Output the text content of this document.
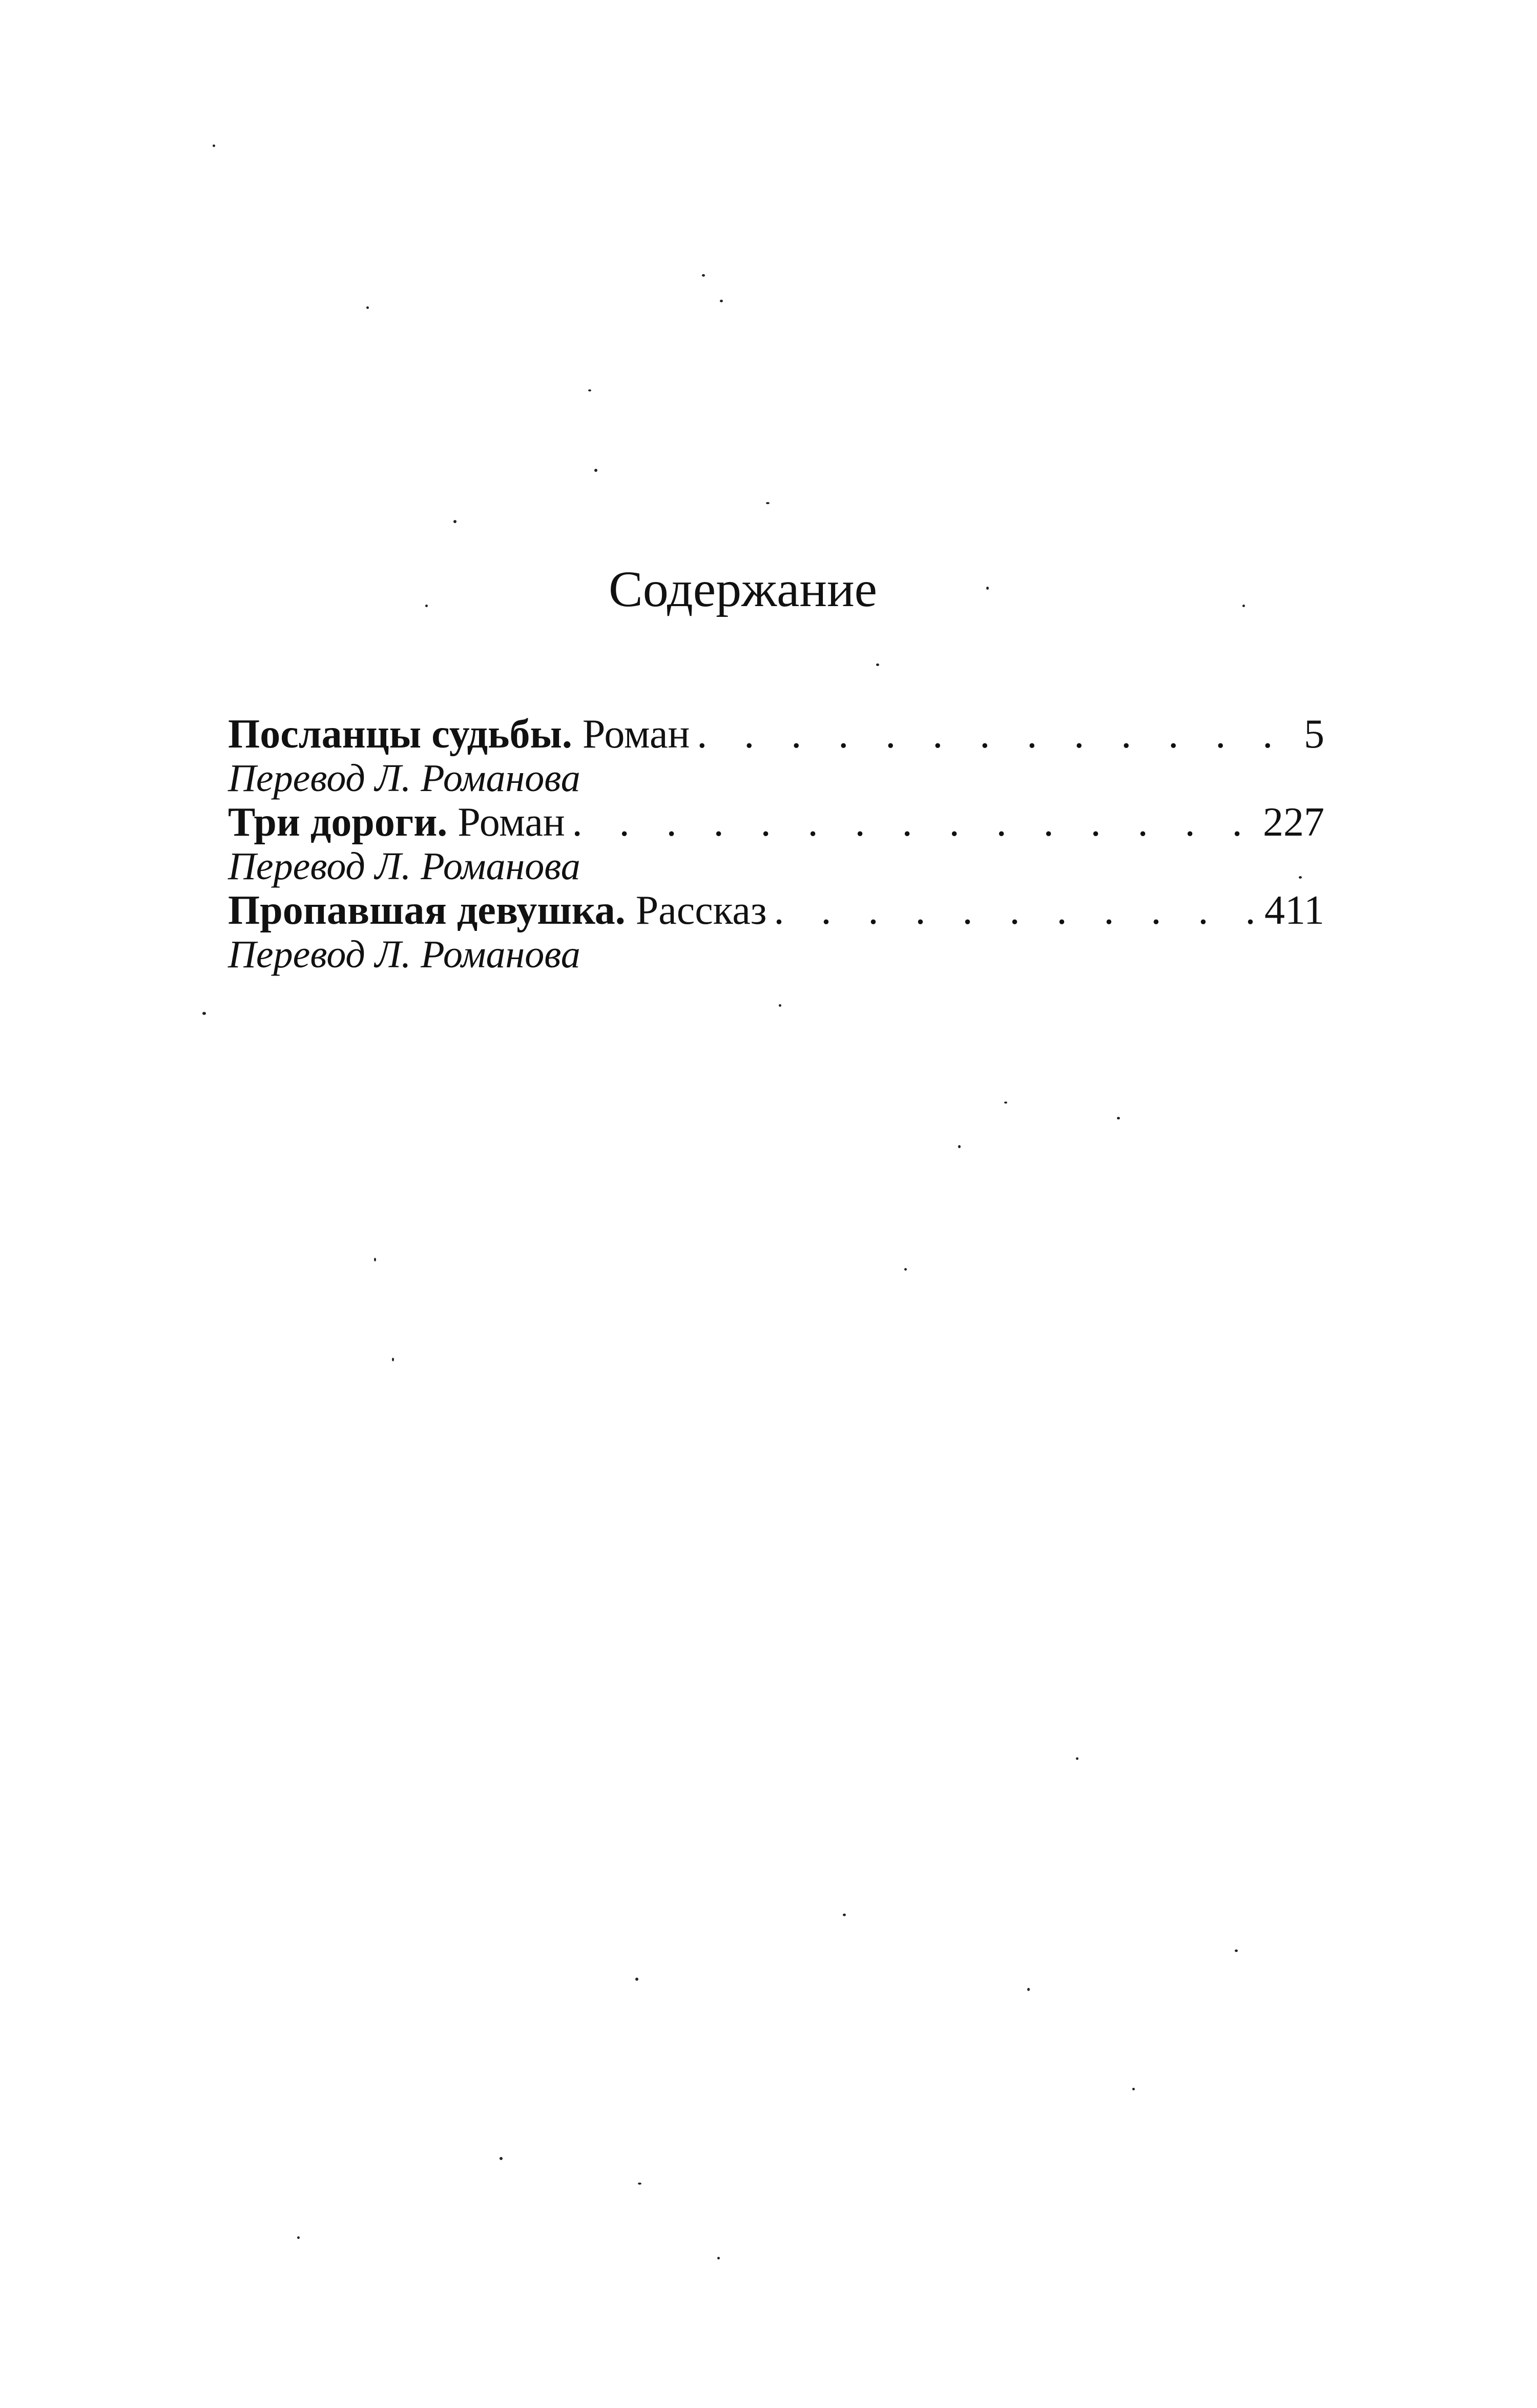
Содержание
Посланцы судьбы.
Роман . . .	5
Перевод Л. Романова
Три дороги.
Роман . . .	227
Перевод Л. Романова
Пропавшая девушка.
Рассказ . . .	411
Перевод Л. Романова
